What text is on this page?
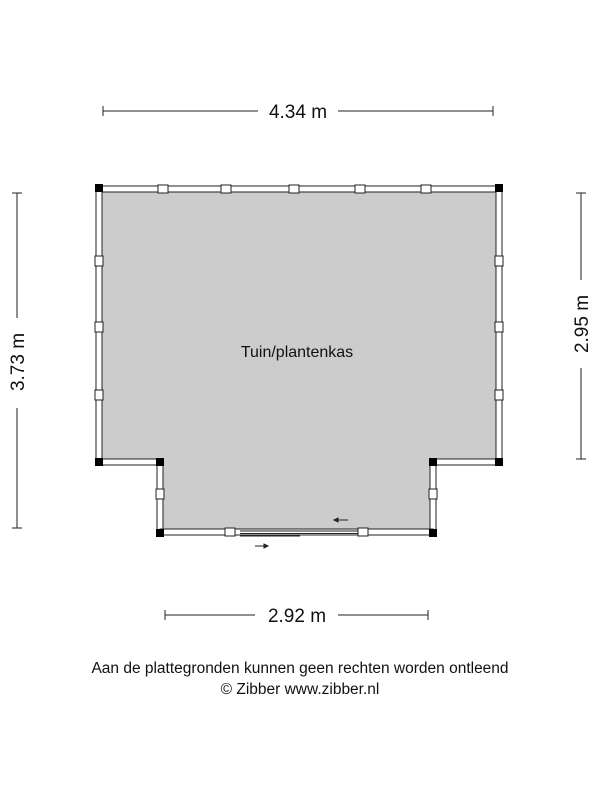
Tuin/plantenkas
4.34 m
3.73 m
2.95 m
2.92 m
Aan de plattegronden kunnen geen rechten worden ontleend
© Zibber www.zibber.nl
